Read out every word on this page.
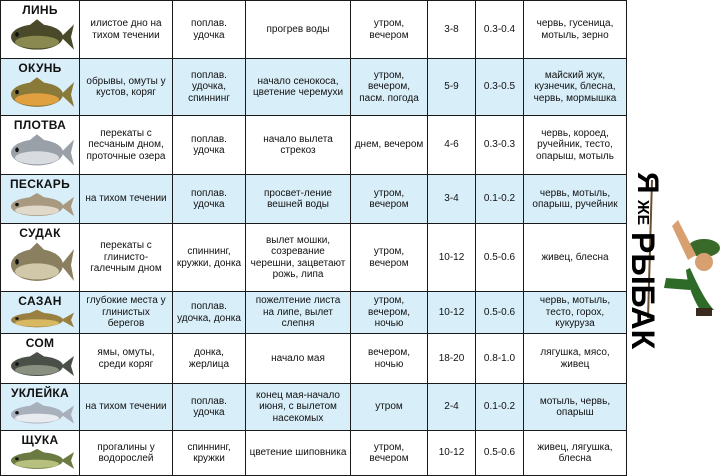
ЛИНЬ	илистое дно на тихом течении	поплав. удочка	прогрев воды	утром, вечером	3-8	0.3-0.4	червь, гусеница, мотыль, зерно

ОКУНЬ	обрывы, омуты у кустов, коряг	поплав. удочка, спиннинг	начало сенокоса, цветение черемухи	утром, вечером, пасм. погода	5-9	0.3-0.5	майский жук, кузнечик, блесна, червь, мормышка

ПЛОТВА	перекаты с песчаным дном, проточные озера	поплав. удочка	начало вылета стрекоз	днем, вечером	4-6	0.3-0.3	червь, короед, ручейник, тесто, опарыш, мотыль

ПЕСКАРЬ	на тихом течении	поплав. удочка	просвет-ление вешней воды	утром, вечером	3-4	0.1-0.2	червь, мотыль, опарыш, ручейник

СУДАК	перекаты с глинисто-галечным дном	спиннинг, кружки, донка	вылет мошки, созревание черешни, зацветают рожь, липа	утром, вечером	10-12	0.5-0.6	живец, блесна

САЗАН	глубокие места у глинистых берегов	поплав. удочка, донка	пожелтение листа на липе, вылет слепня	утром, вечером, ночью	10-12	0.5-0.6	червь, мотыль, тесто, горох, кукуруза

СОМ	ямы, омуты, среди коряг	донка, жерлица	начало мая	вечером, ночью	18-20	0.8-1.0	лягушка, мясо, живец

УКЛЕЙКА	на тихом течении	поплав. удочка	конец мая-начало июня, с вылетом насекомых	утром	2-4	0.1-0.2	мотыль, червь, опарыш

ЩУКА	прогалины у водорослей	спиннинг, кружки	цветение шиповника	утром, вечером	10-12	0.5-0.6	живец, лягушка, блесна
Я
ЖЕ
РЫБАК
